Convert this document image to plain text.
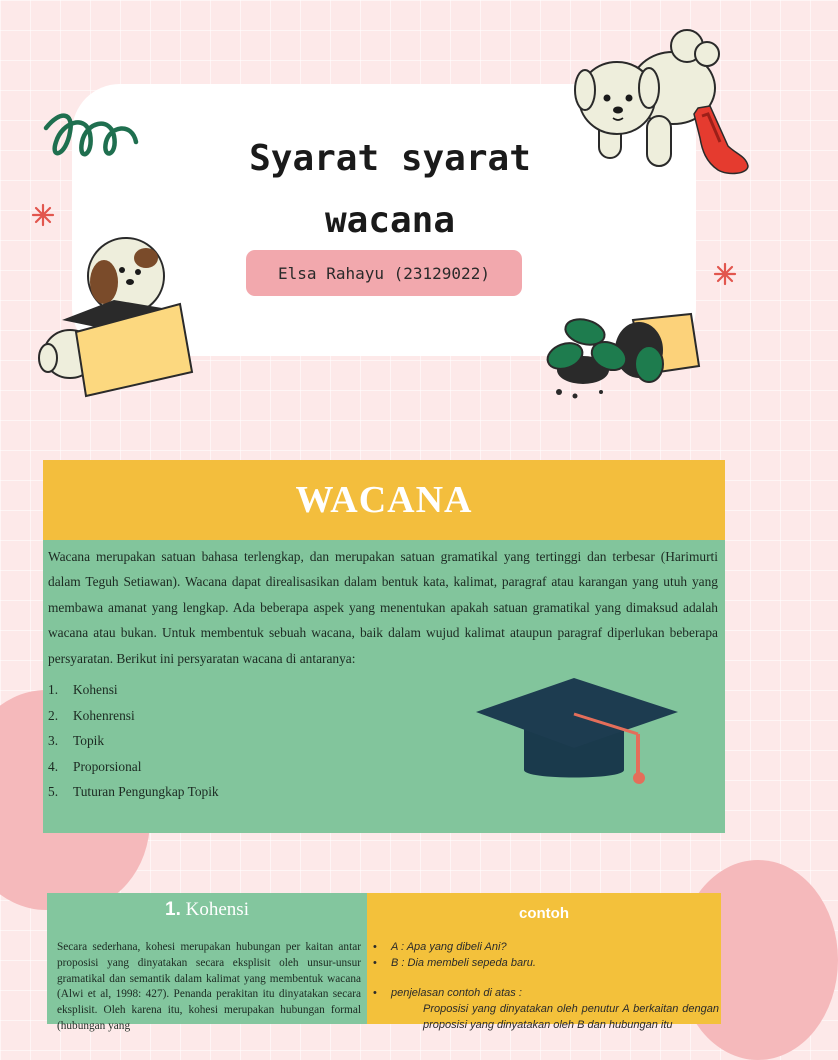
Syarat syarat
wacana
Elsa Rahayu (23129022)
WACANA

Wacana merupakan satuan bahasa terlengkap, dan merupakan satuan gramatikal yang tertinggi dan terbesar (Harimurti dalam Teguh Setiawan). Wacana dapat direalisasikan dalam bentuk kata, kalimat, paragraf atau karangan yang utuh yang membawa amanat yang lengkap. Ada beberapa aspek yang menentukan apakah satuan gramatikal yang dimaksud adalah wacana atau bukan. Untuk membentuk sebuah wacana, baik dalam wujud kalimat ataupun paragraf diperlukan beberapa persyaratan. Berikut ini persyaratan wacana di antaranya:

1.	Kohensi
2.	Kohenrensi
3.	Topik
4.	Proporsional
5.	Tuturan Pengungkap Topik
1. Kohensi

Secara sederhana, kohesi merupakan hubungan per kaitan antar proposisi yang dinyatakan secara eksplisit oleh unsur-unsur gramatikal dan semantik dalam kalimat yang membentuk wacana (Alwi et al, 1998: 427). Penanda perakitan itu dinyatakan secara eksplisit. Oleh karena itu, kohesi merupakan hubungan formal (hubungan yang

contoh
•	A : Apa yang dibeli Ani?
•	B : Dia membeli sepeda baru.
•	penjelasan contoh di atas :
Proposisi yang dinyatakan oleh penutur A berkaitan dengan proposisi yang dinyatakan oleh B dan hubungan itu
